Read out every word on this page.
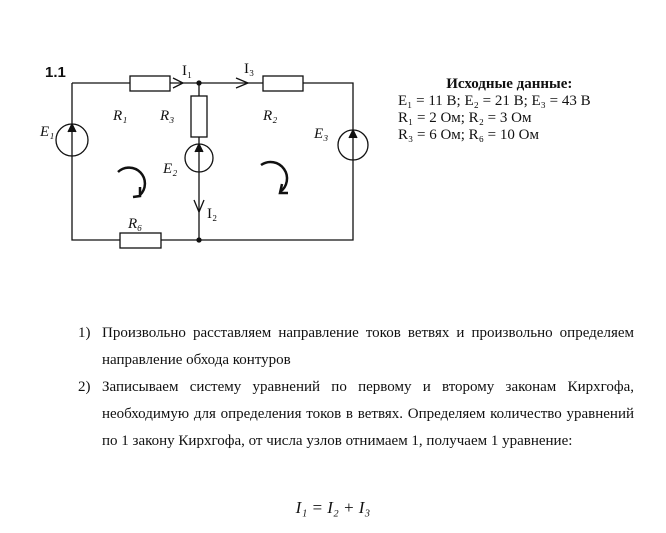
1.1	I₁	I₃
I₂
R₁ R₃	R₂
R₆
E₁
E₂
E₃
Исходные данные:
E₁ = 11 В; E₂ = 21 В; E₃ = 43 В
R₁ = 2 Ом; R₂ = 3 Ом
R₃ = 6 Ом; R₆ = 10 Ом
1) Произвольно расставляем направление токов ветвях и произвольно определяем направление обхода контуров
2) Записываем систему уравнений по первому и второму законам Кирхгофа, необходимую для определения токов в ветвях. Определяем количество уравнений по 1 закону Кирхгофа, от числа узлов отнимаем 1, получаем 1 уравнение:
I₁ = I₂ + I₃
